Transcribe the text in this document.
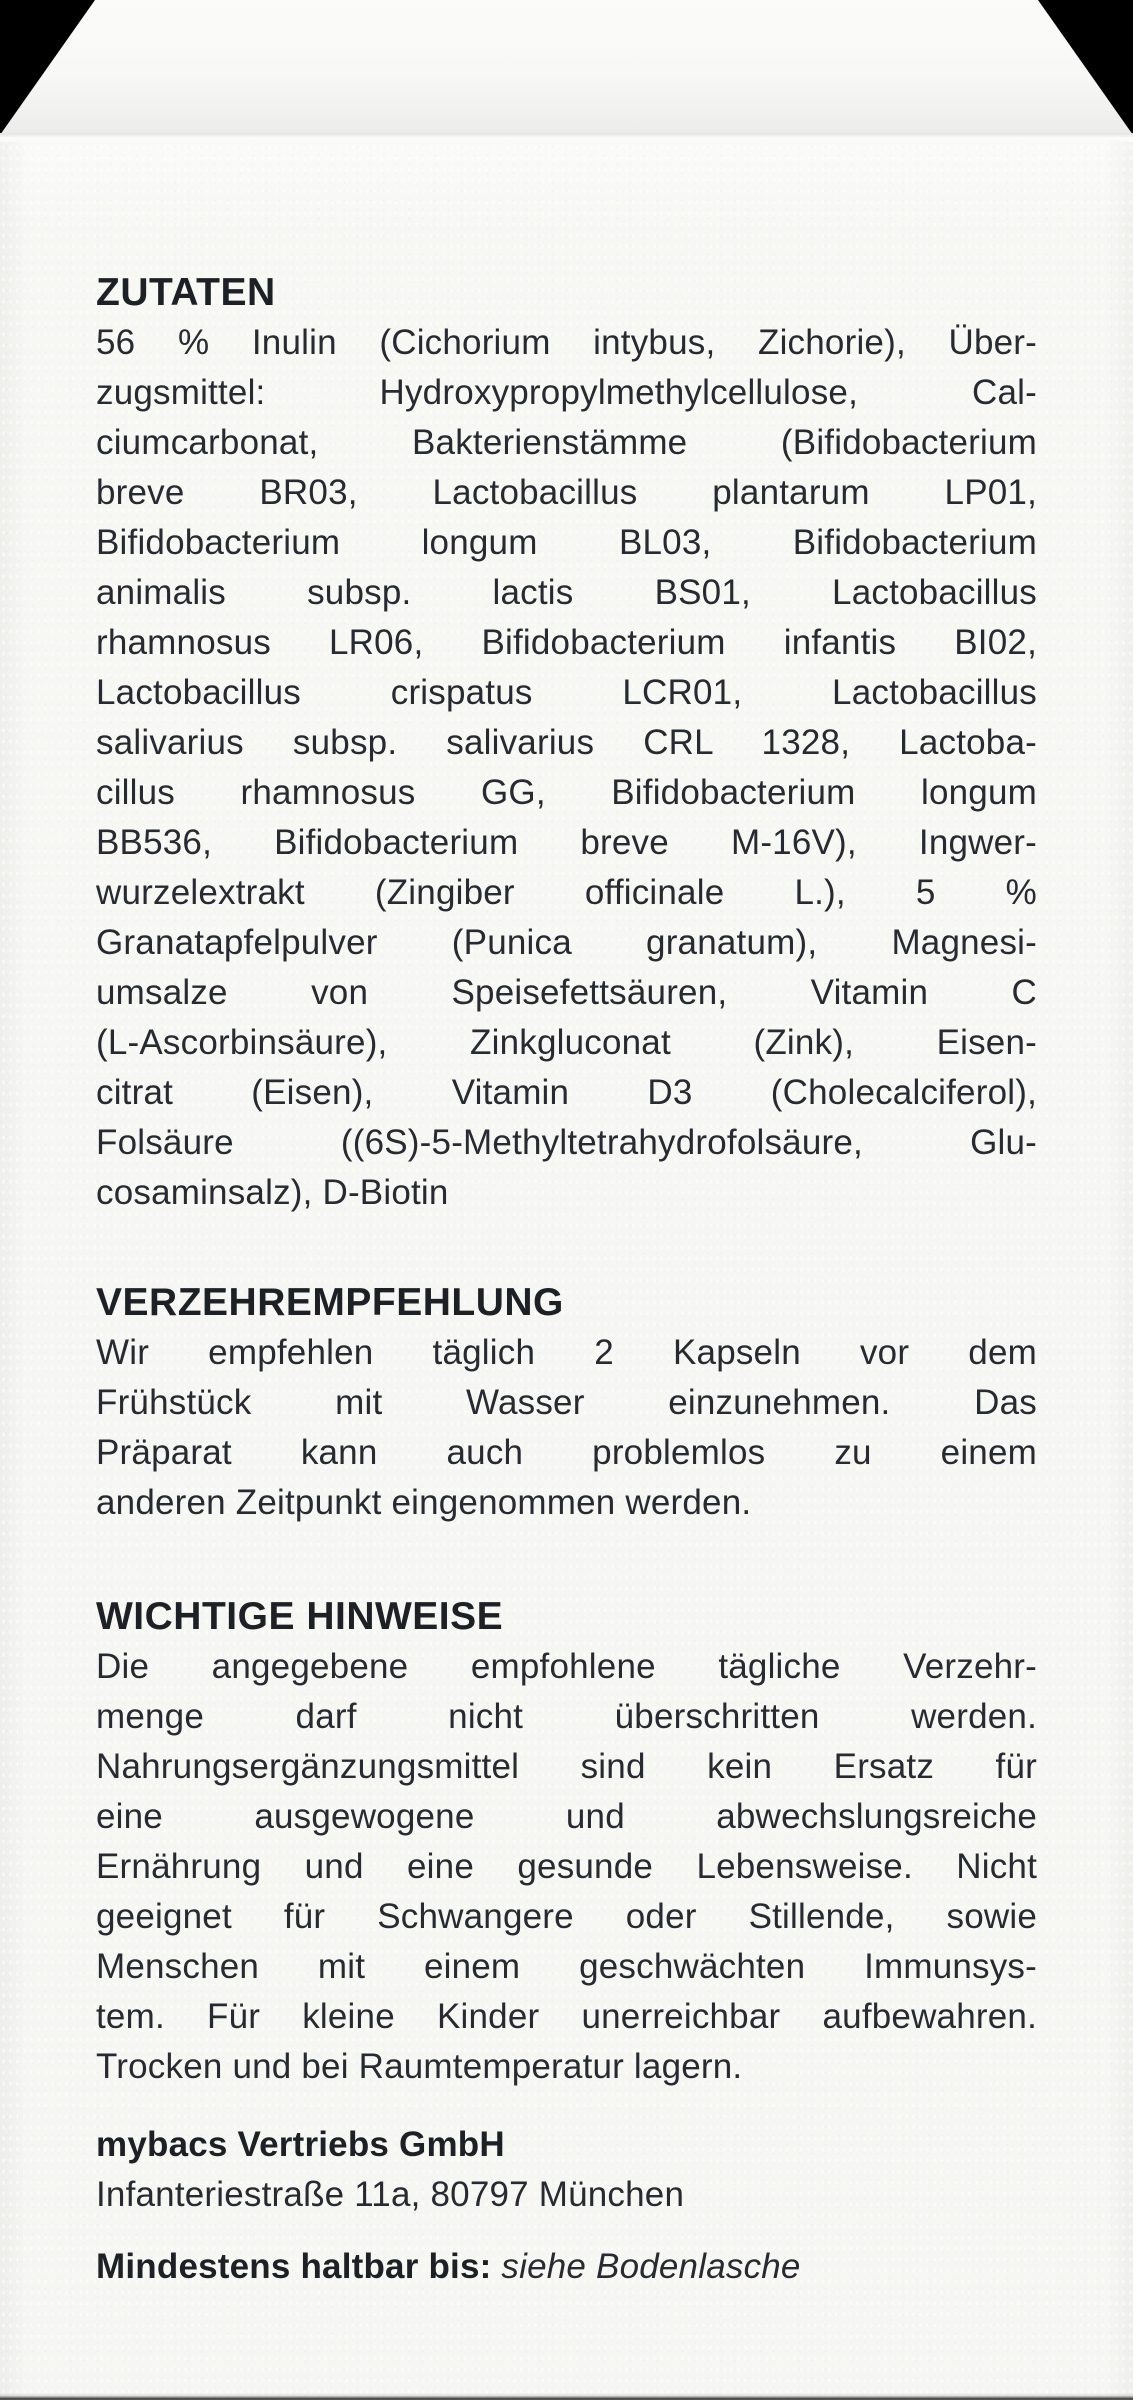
ZUTATEN
56 % Inulin (Cichorium intybus, Zichorie), Über-
zugsmittel: Hydroxypropylmethylcellulose, Cal-
ciumcarbonat, Bakterienstämme (Bifidobacterium
breve BR03, Lactobacillus plantarum LP01,
Bifidobacterium longum BL03, Bifidobacterium
animalis subsp. lactis BS01, Lactobacillus
rhamnosus LR06, Bifidobacterium infantis BI02,
Lactobacillus crispatus LCR01, Lactobacillus
salivarius subsp. salivarius CRL 1328, Lactoba-
cillus rhamnosus GG, Bifidobacterium longum
BB536, Bifidobacterium breve M-16V), Ingwer-
wurzelextrakt (Zingiber officinale L.), 5 %
Granatapfelpulver (Punica granatum), Magnesi-
umsalze von Speisefettsäuren, Vitamin C
(L-Ascorbinsäure), Zinkgluconat (Zink), Eisen-
citrat (Eisen), Vitamin D3 (Cholecalciferol),
Folsäure ((6S)-5-Methyltetrahydrofolsäure, Glu-
cosaminsalz), D-Biotin
VERZEHREMPFEHLUNG
Wir empfehlen täglich 2 Kapseln vor dem
Frühstück mit Wasser einzunehmen. Das
Präparat kann auch problemlos zu einem
anderen Zeitpunkt eingenommen werden.
WICHTIGE HINWEISE
Die angegebene empfohlene tägliche Verzehr-
menge darf nicht überschritten werden.
Nahrungsergänzungsmittel sind kein Ersatz für
eine ausgewogene und abwechslungsreiche
Ernährung und eine gesunde Lebensweise. Nicht
geeignet für Schwangere oder Stillende, sowie
Menschen mit einem geschwächten Immunsys-
tem. Für kleine Kinder unerreichbar aufbewahren.
Trocken und bei Raumtemperatur lagern.
mybacs Vertriebs GmbH
Infanteriestraße 11a, 80797 München
Mindestens haltbar bis: siehe Bodenlasche
